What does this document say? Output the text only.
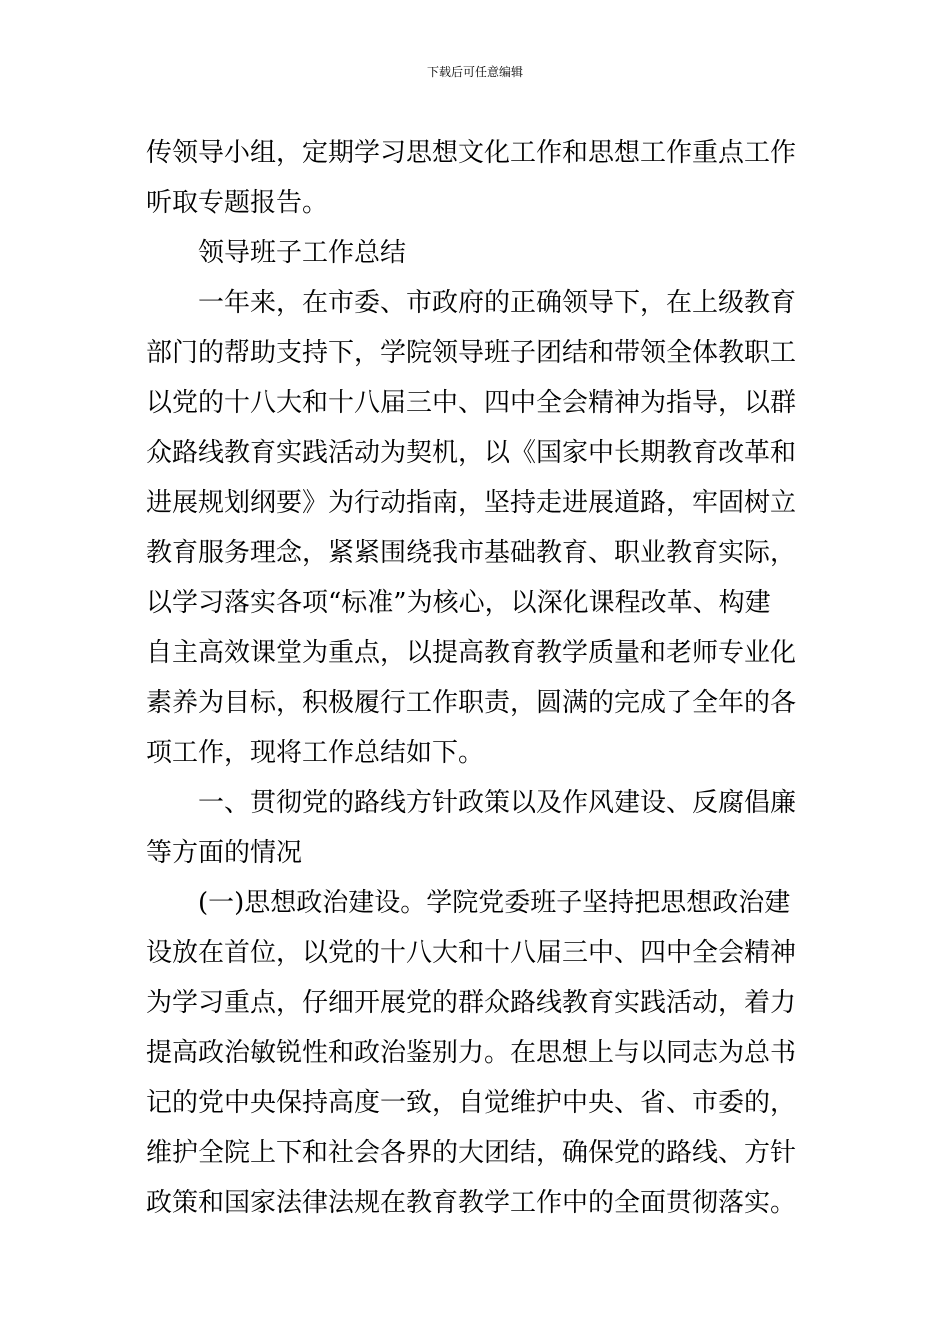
下载后可任意编辑
传领导小组，定期学习思想文化工作和思想工作重点工作
听取专题报告。
领导班子工作总结
一年来，在市委、市政府的正确领导下，在上级教育
部门的帮助支持下，学院领导班子团结和带领全体教职工
以党的十八大和十八届三中、四中全会精神为指导，以群
众路线教育实践活动为契机，以《国家中长期教育改革和
进展规划纲要》为行动指南，坚持走进展道路，牢固树立
教育服务理念，紧紧围绕我市基础教育、职业教育实际，
以学习落实各项“标准”为核心，以深化课程改革、构建
自主高效课堂为重点，以提高教育教学质量和老师专业化
素养为目标，积极履行工作职责，圆满的完成了全年的各
项工作，现将工作总结如下。
一、贯彻党的路线方针政策以及作风建设、反腐倡廉
等方面的情况
(一)思想政治建设。学院党委班子坚持把思想政治建
设放在首位，以党的十八大和十八届三中、四中全会精神
为学习重点，仔细开展党的群众路线教育实践活动，着力
提高政治敏锐性和政治鉴别力。在思想上与以同志为总书
记的党中央保持高度一致，自觉维护中央、省、市委的，
维护全院上下和社会各界的大团结，确保党的路线、方针
政策和国家法律法规在教育教学工作中的全面贯彻落实。
